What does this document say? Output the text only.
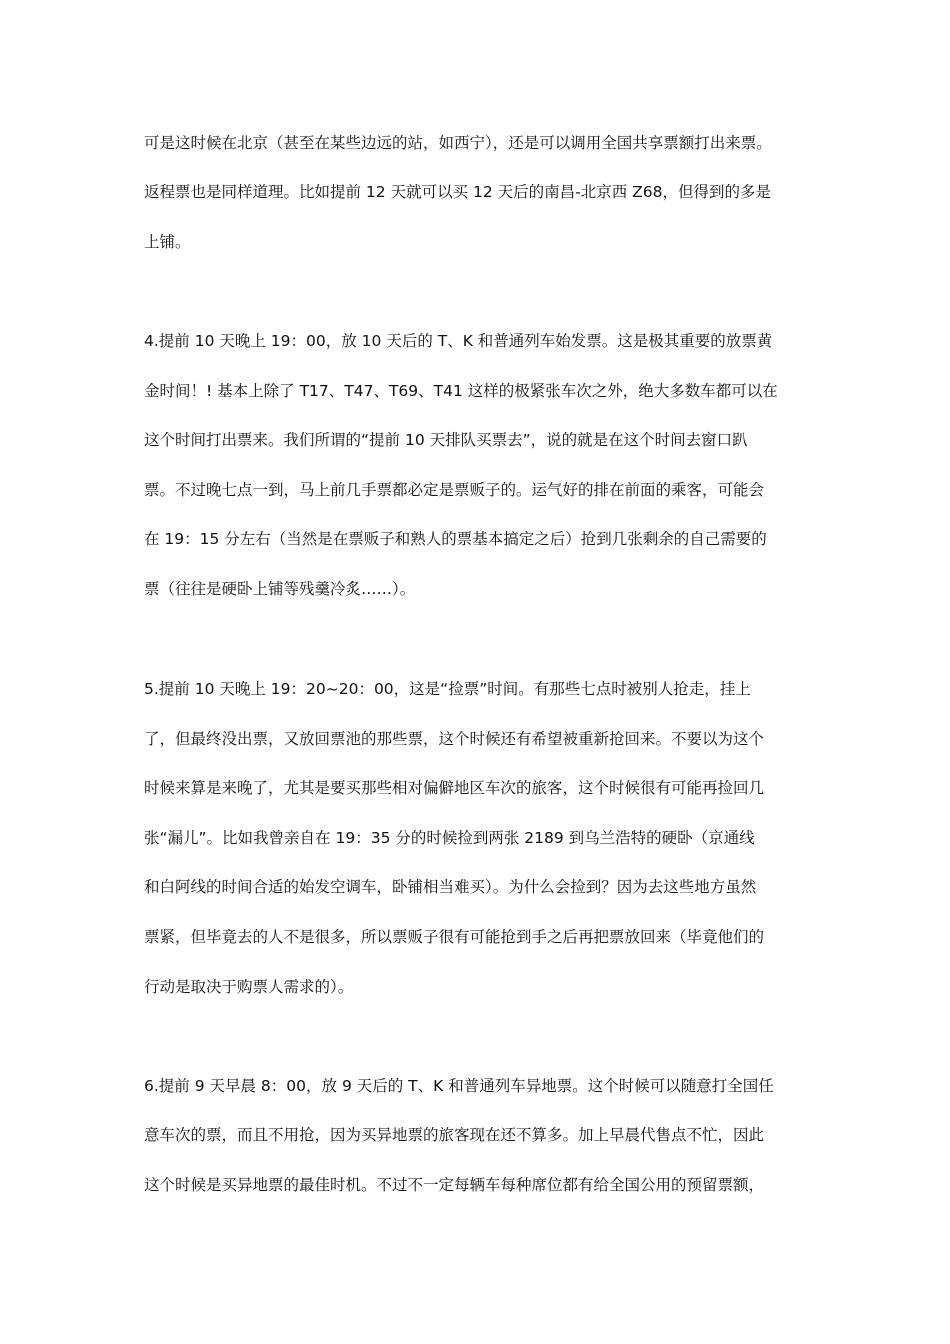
可是这时候在北京（甚至在某些边远的站，如西宁），还是可以调用全国共享票额打出来票。
返程票也是同样道理。比如提前 12 天就可以买 12 天后的南昌-北京西 Z68，但得到的多是
上铺。
4.提前 10 天晚上 19：00，放 10 天后的 T、K 和普通列车始发票。这是极其重要的放票黄
金时间！! 基本上除了 T17、T47、T69、T41 这样的极紧张车次之外，绝大多数车都可以在
这个时间打出票来。我们所谓的“提前 10 天排队买票去”，说的就是在这个时间去窗口趴
票。不过晚七点一到，马上前几手票都必定是票贩子的。运气好的排在前面的乘客，可能会
在 19：15 分左右（当然是在票贩子和熟人的票基本搞定之后）抢到几张剩余的自己需要的
票（往往是硬卧上铺等残羹冷炙……）。
5.提前 10 天晚上 19：20~20：00，这是“捡票”时间。有那些七点时被别人抢走，挂上
了，但最终没出票，又放回票池的那些票，这个时候还有希望被重新抢回来。不要以为这个
时候来算是来晚了，尤其是要买那些相对偏僻地区车次的旅客，这个时候很有可能再捡回几
张“漏儿”。比如我曾亲自在 19：35 分的时候捡到两张 2189 到乌兰浩特的硬卧（京通线
和白阿线的时间合适的始发空调车，卧铺相当难买）。为什么会捡到？因为去这些地方虽然
票紧，但毕竟去的人不是很多，所以票贩子很有可能抢到手之后再把票放回来（毕竟他们的
行动是取决于购票人需求的）。
6.提前 9 天早晨 8：00，放 9 天后的 T、K 和普通列车异地票。这个时候可以随意打全国任
意车次的票，而且不用抢，因为买异地票的旅客现在还不算多。加上早晨代售点不忙，因此
这个时候是买异地票的最佳时机。不过不一定每辆车每种席位都有给全国公用的预留票额，
